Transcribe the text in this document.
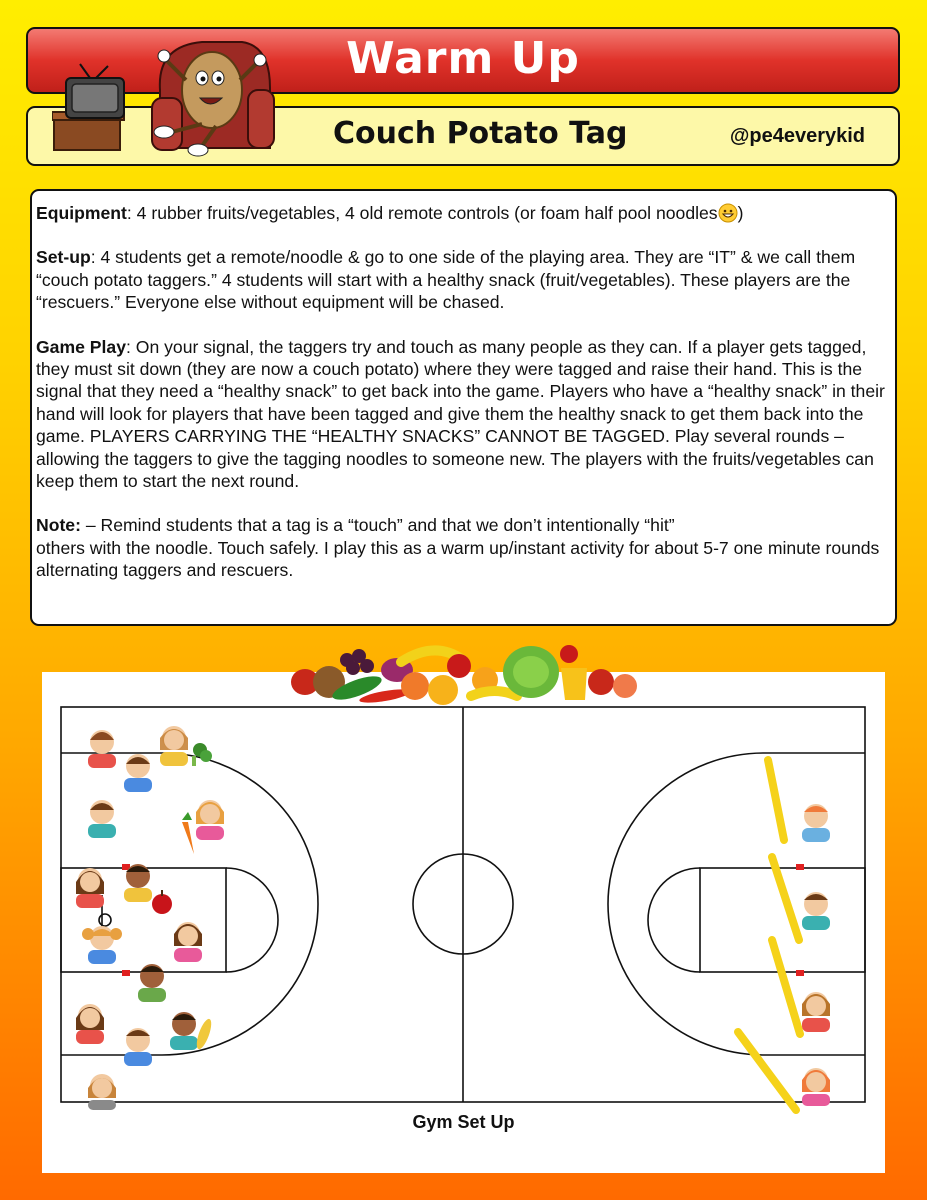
Warm Up
Couch Potato Tag	@pe4everykid

Equipment: 4 rubber fruits/vegetables, 4 old remote controls (or foam half pool noodles )

Set-up: 4 students get a remote/noodle & go to one side of the playing area. They are “IT” & we call them “couch potato taggers.” 4 students will start with a healthy snack (fruit/vegetables). These players are the “rescuers.” Everyone else without equipment will be chased.

Game Play: On your signal, the taggers try and touch as many people as they can. If a player gets tagged, they must sit down (they are now a couch potato) where they were tagged and raise their hand. This is the signal that they need a “healthy snack” to get back into the game. Players who have a “healthy snack” in their hand will look for players that have been tagged and give them the healthy snack to get them back into the game. PLAYERS CARRYING THE “HEALTHY SNACKS” CANNOT BE TAGGED. Play several rounds – allowing the taggers to give the tagging noodles to someone new. The players with the fruits/vegetables can keep them to start the next round.

Note: – Remind students that a tag is a “touch” and that we don’t intentionally “hit”
others with the noodle. Touch safely. I play this as a warm up/instant activity for about 5-7 one minute rounds alternating taggers and rescuers.

Gym Set Up
